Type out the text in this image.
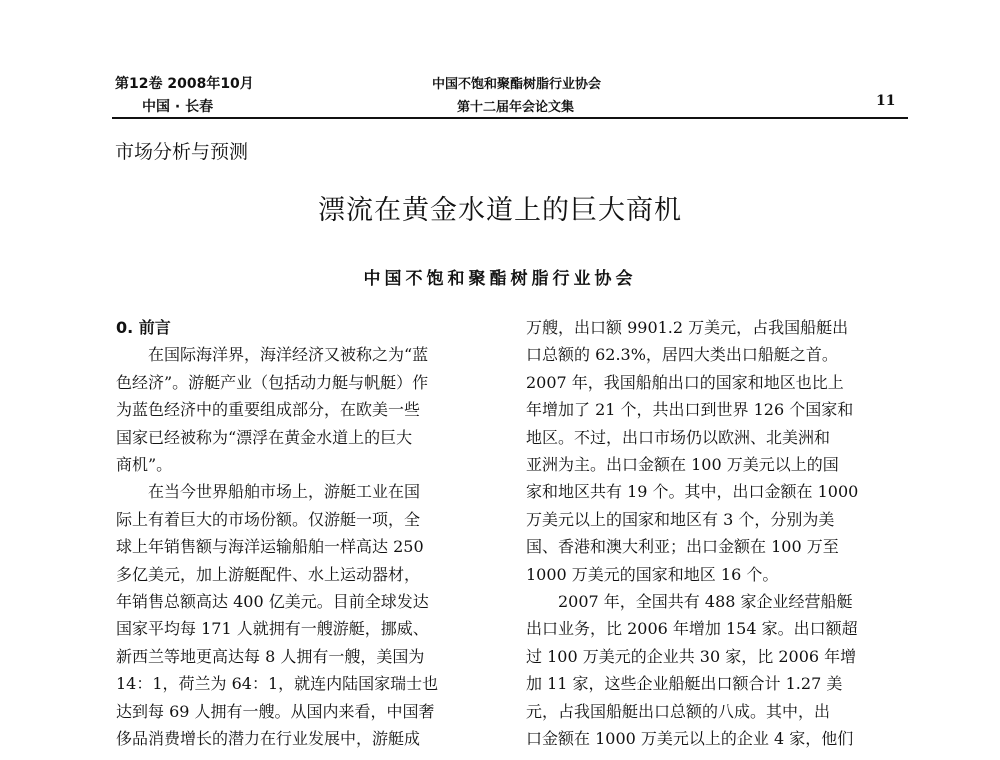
第12卷 2008年10月
中国 · 长春
中国不饱和聚酯树脂行业协会
第十二届年会论文集	11
市场分析与预测
漂流在黄金水道上的巨大商机
中国不饱和聚酯树脂行业协会
0. 前言
　　在国际海洋界，海洋经济又被称之为“蓝
色经济”。游艇产业（包括动力艇与帆艇）作
为蓝色经济中的重要组成部分，在欧美一些
国家已经被称为“漂浮在黄金水道上的巨大
商机”。
　　在当今世界船舶市场上，游艇工业在国
际上有着巨大的市场份额。仅游艇一项，全
球上年销售额与海洋运输船舶一样高达 250
多亿美元，加上游艇配件、水上运动器材，
年销售总额高达 400 亿美元。目前全球发达
国家平均每 171 人就拥有一艘游艇，挪威、
新西兰等地更高达每 8 人拥有一艘，美国为
14：1，荷兰为 64：1，就连内陆国家瑞士也
达到每 69 人拥有一艘。从国内来看，中国奢
侈品消费增长的潜力在行业发展中，游艇成
万艘，出口额 9901.2 万美元，占我国船艇出
口总额的 62.3%，居四大类出口船艇之首。
2007 年，我国船舶出口的国家和地区也比上
年增加了 21 个，共出口到世界 126 个国家和
地区。不过，出口市场仍以欧洲、北美洲和
亚洲为主。出口金额在 100 万美元以上的国
家和地区共有 19 个。其中，出口金额在 1000
万美元以上的国家和地区有 3 个，分别为美
国、香港和澳大利亚；出口金额在 100 万至
1000 万美元的国家和地区 16 个。
　　2007 年，全国共有 488 家企业经营船艇
出口业务，比 2006 年增加 154 家。出口额超
过 100 万美元的企业共 30 家，比 2006 年增
加 11 家，这些企业船艇出口额合计 1.27 美
元，占我国船艇出口总额的八成。其中，出
口金额在 1000 万美元以上的企业 4 家，他们
